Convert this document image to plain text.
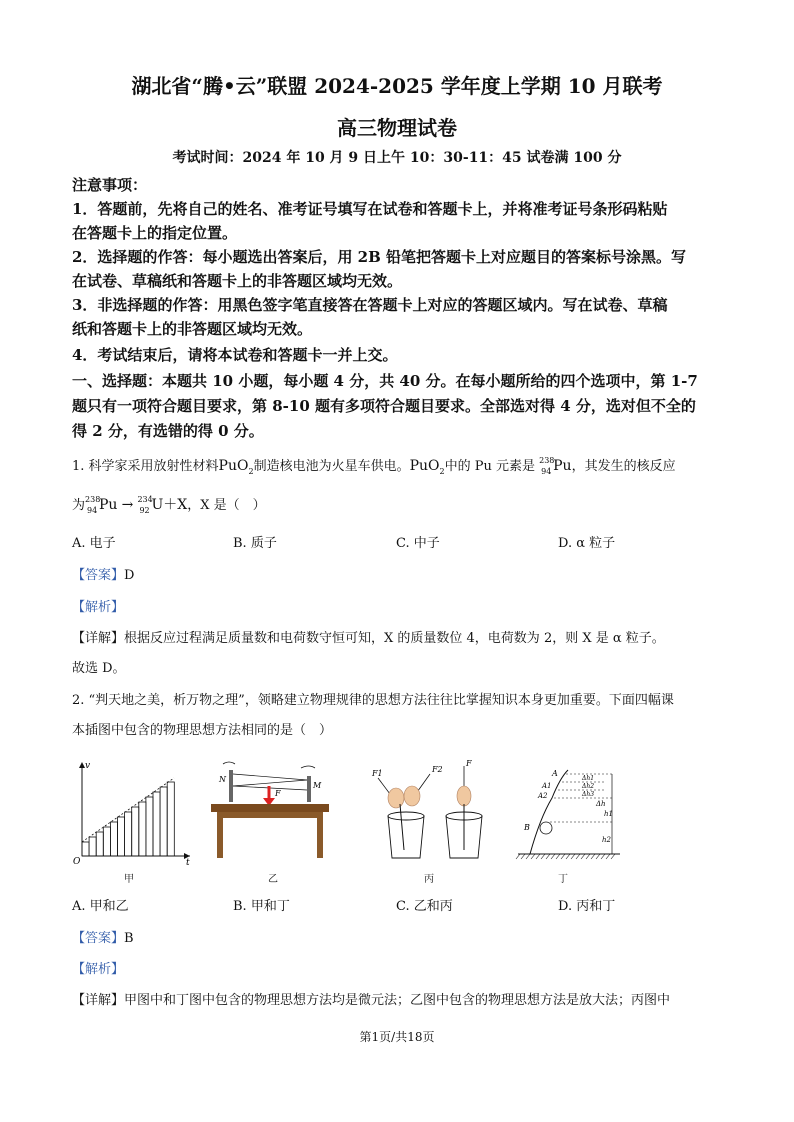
湖北省“腾•云”联盟 2024-2025 学年度上学期 10 月联考
高三物理试卷
考试时间：2024 年 10 月 9 日上午 10：30-11：45 试卷满 100 分
注意事项：
1．答题前，先将自己的姓名、准考证号填写在试卷和答题卡上，并将准考证号条形码粘贴
在答题卡上的指定位置。
2．选择题的作答：每小题选出答案后，用 2B 铅笔把答题卡上对应题目的答案标号涂黑。写
在试卷、草稿纸和答题卡上的非答题区域均无效。
3．非选择题的作答：用黑色签字笔直接答在答题卡上对应的答题区域内。写在试卷、草稿
纸和答题卡上的非答题区域均无效。
4．考试结束后，请将本试卷和答题卡一并上交。
一、选择题：本题共 10 小题，每小题 4 分，共 40 分。在每小题所给的四个选项中，第 1-7
题只有一项符合题目要求，第 8-10 题有多项符合题目要求。全部选对得 4 分，选对但不全的
得 2 分，有选错的得 0 分。
1. 科学家采用放射性材料PuO$_2$制造核电池为火星车供电。PuO$_2$中的 Pu 元素是 238
94 Pu，其发生的核反应
为 238
94 Pu → 234
92 U＋X，X 是（　）
A. 电子	B. 质子	C. 中子	D. α 粒子
【答案】D
【解析】
【详解】根据反应过程满足质量数和电荷数守恒可知，X 的质量数位 4，电荷数为 2，则 X 是 α 粒子。
故选 D。
2. “判天地之美，析万物之理”，领略建立物理规律的思想方法往往比掌握知识本身更加重要。下面四幅课
本插图中包含的物理思想方法相同的是（　）
v
t
O
甲
N
M
F
乙
F1	F2
F
丙
B
A
A1
A2
Δh1
Δh2
Δh3
Δh
h1
h2
丁
A. 甲和乙	B. 甲和丁	C. 乙和丙	D. 丙和丁
【答案】B
【解析】
【详解】甲图中和丁图中包含的物理思想方法均是微元法；乙图中包含的物理思想方法是放大法；丙图中
第1页/共18页
